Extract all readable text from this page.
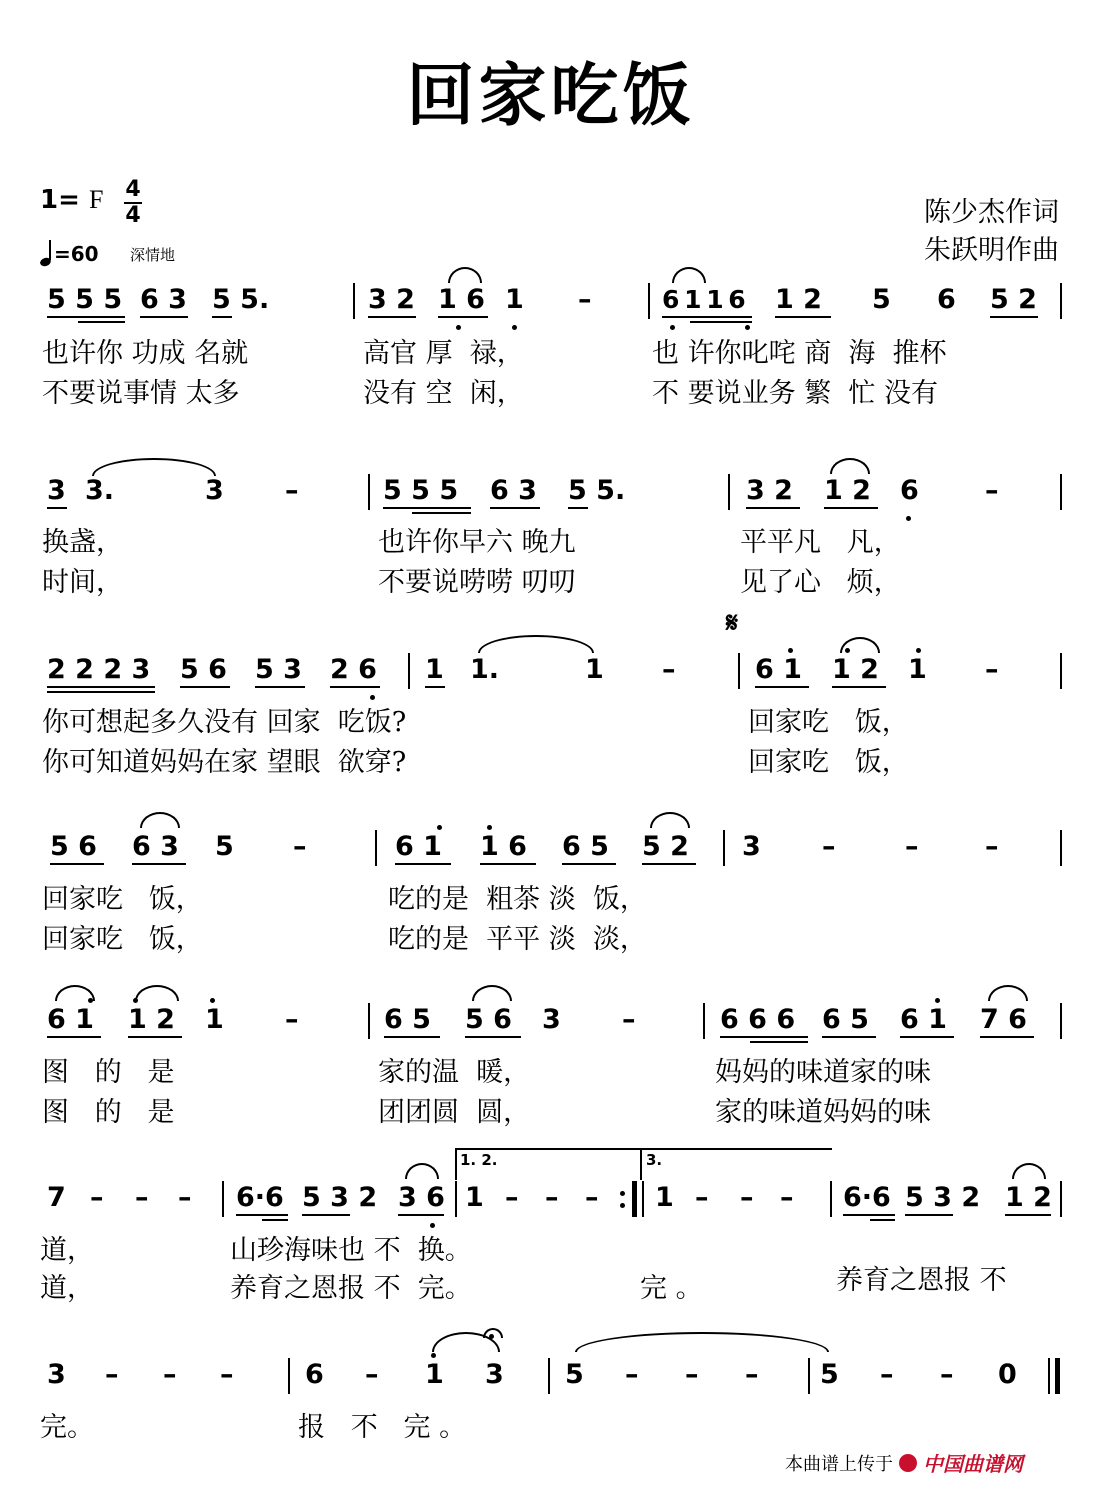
回家吃饭
1= F 4
4
=60 深情地
陈少杰作词
朱跃明作曲
5 5 5 6 3 5 5.	3 2 1 6 1 –	6 1 1 6 1 2 5 6 5 2
也许你 功成 名就	高官 厚 禄，	也 许你叱咤 商 海 推杯
不要说事情 太多	没有 空 闲，	不 要说业务 繁 忙 没有
3 3.	3 –	5 5 5 6 3 5 5.	3 2 1 2 6 –
换盏，	也许你早六 晚九	平平凡 凡，
时间，	不要说唠唠 叨叨	见了心 烦，
𝄋
2 2 2 3 5 6 5 3 2 6 1 1.	1 –	6 1 1 2 1 –
你可想起多久没有 回家 吃饭?	回家吃 饭，
你可知道妈妈在家 望眼 欲穿?	回家吃 饭，
5 6 6 3 5 –	6 1 1 6 6 5 5 2 3 –	– –
回家吃 饭，	吃的是 粗茶 淡 饭，
回家吃 饭，	吃的是 平平 淡 淡，
6 1 1 2 1 –	6 5 5 6 3 –	6 6 6 6 5 6 1 7 6
图 的 是	家的温 暖，	妈妈的味道家的味
图 的 是	团团圆 圆，	家的味道妈妈的味
1. 2.	3.
7 – – – 6·6 5 3 2 3 6 1 – – – 1 – – – 6·6 5 3 2 1 2
道，	山珍海味也 不 换。
道，	养育之恩报 不 完。	完 。	养育之恩报 不
3 – – –	6 – 1 3 5 – – – 5 – – 0
完。	报 不 完 。
本曲谱上传于 中国曲谱网
